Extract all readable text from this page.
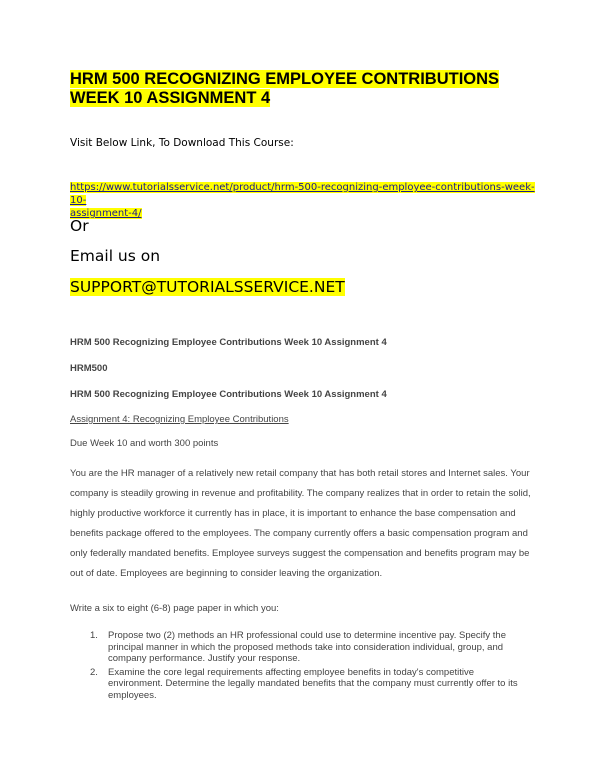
HRM 500 RECOGNIZING EMPLOYEE CONTRIBUTIONS
WEEK 10 ASSIGNMENT 4
Visit Below Link, To Download This Course:
https://www.tutorialsservice.net/product/hrm-500-recognizing-employee-contributions-week-10-
assignment-4/
Or
Email us on
SUPPORT@TUTORIALSSERVICE.NET
HRM 500 Recognizing Employee Contributions Week 10 Assignment 4
HRM500
HRM 500 Recognizing Employee Contributions Week 10 Assignment 4
Assignment 4: Recognizing Employee Contributions
Due Week 10 and worth 300 points
You are the HR manager of a relatively new retail company that has both retail stores and Internet sales. Your company is steadily growing in revenue and profitability. The company realizes that in order to retain the solid, highly productive workforce it currently has in place, it is important to enhance the base compensation and benefits package offered to the employees. The company currently offers a basic compensation program and only federally mandated benefits. Employee surveys suggest the compensation and benefits program may be out of date. Employees are beginning to consider leaving the organization.
Write a six to eight (6-8) page paper in which you:
1. Propose two (2) methods an HR professional could use to determine incentive pay. Specify the principal manner in which the proposed methods take into consideration individual, group, and company performance. Justify your response.
2. Examine the core legal requirements affecting employee benefits in today's competitive environment. Determine the legally mandated benefits that the company must currently offer to its employees.
